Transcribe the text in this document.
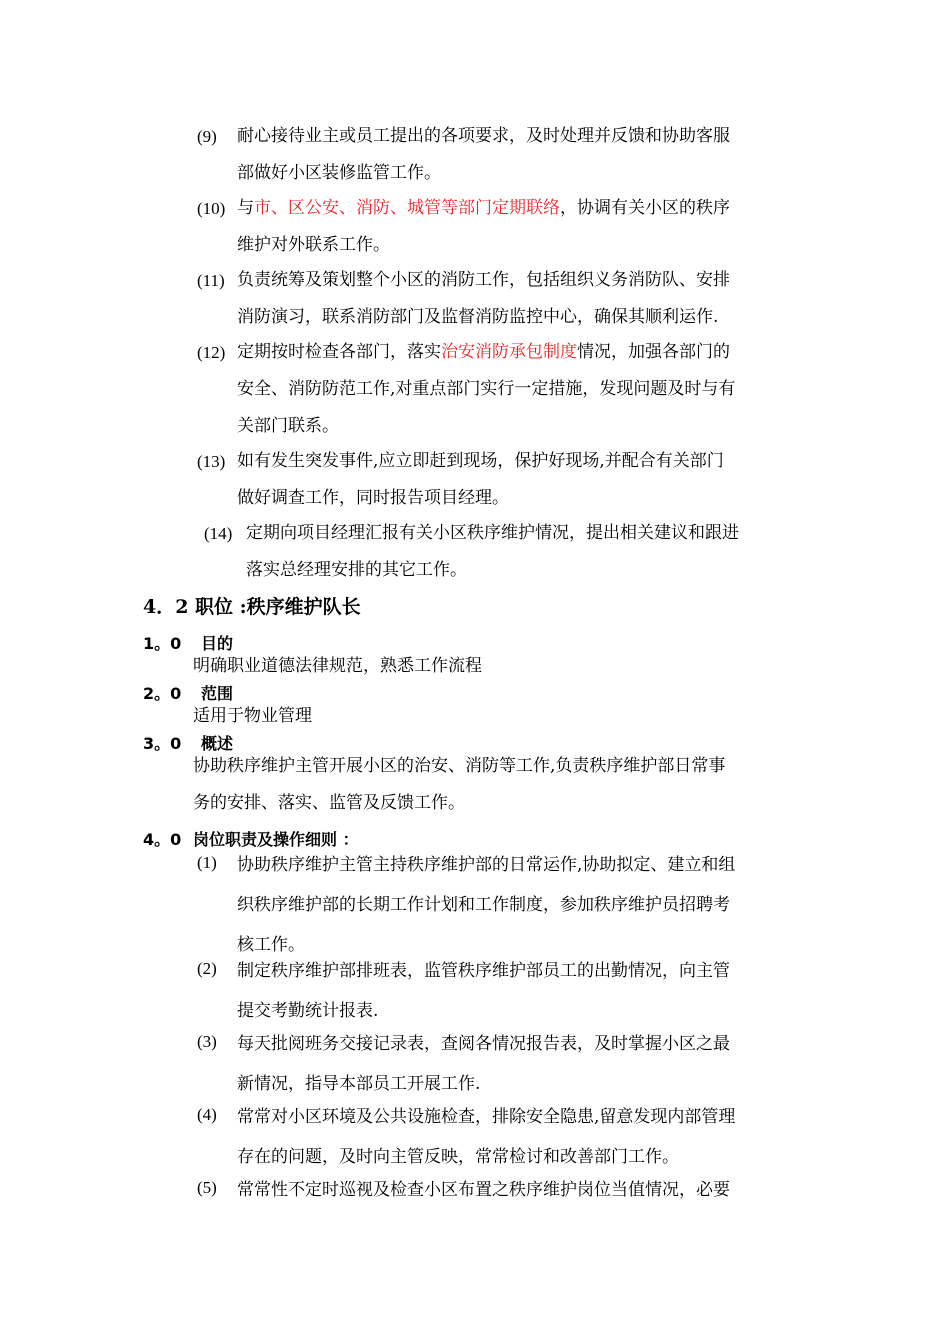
(9)	耐心接待业主或员工提出的各项要求，及时处理并反馈和协助客服
部做好小区装修监管工作。
(10) 与市、区公安、消防、城管等部门定期联络，协调有关小区的秩序
维护对外联系工作。
(11) 负责统筹及策划整个小区的消防工作，包括组织义务消防队、安排
消防演习，联系消防部门及监督消防监控中心，确保其顺利运作.
(12) 定期按时检查各部门，落实治安消防承包制度情况，加强各部门的
安全、消防防范工作,对重点部门实行一定措施，发现问题及时与有
关部门联系。
(13) 如有发生突发事件,应立即赶到现场，保护好现场,并配合有关部门
做好调查工作，同时报告项目经理。
(14) 定期向项目经理汇报有关小区秩序维护情况，提出相关建议和跟进
落实总经理安排的其它工作。
4．2 职位 :秩序维护队长
1。0 目的
明确职业道德法律规范，熟悉工作流程
2。0 范围
适用于物业管理
3。0 概述
协助秩序维护主管开展小区的治安、消防等工作,负责秩序维护部日常事
务的安排、落实、监管及反馈工作。
4。0 岗位职责及操作细则 ：
(1)	协助秩序维护主管主持秩序维护部的日常运作,协助拟定、建立和组
织秩序维护部的长期工作计划和工作制度，参加秩序维护员招聘考
核工作。
(2)	制定秩序维护部排班表，监管秩序维护部员工的出勤情况，向主管
提交考勤统计报表.
(3)	每天批阅班务交接记录表，查阅各情况报告表，及时掌握小区之最
新情况，指导本部员工开展工作.
(4)	常常对小区环境及公共设施检查，排除安全隐患,留意发现内部管理
存在的问题，及时向主管反映，常常检讨和改善部门工作。
(5)	常常性不定时巡视及检查小区布置之秩序维护岗位当值情况，必要
